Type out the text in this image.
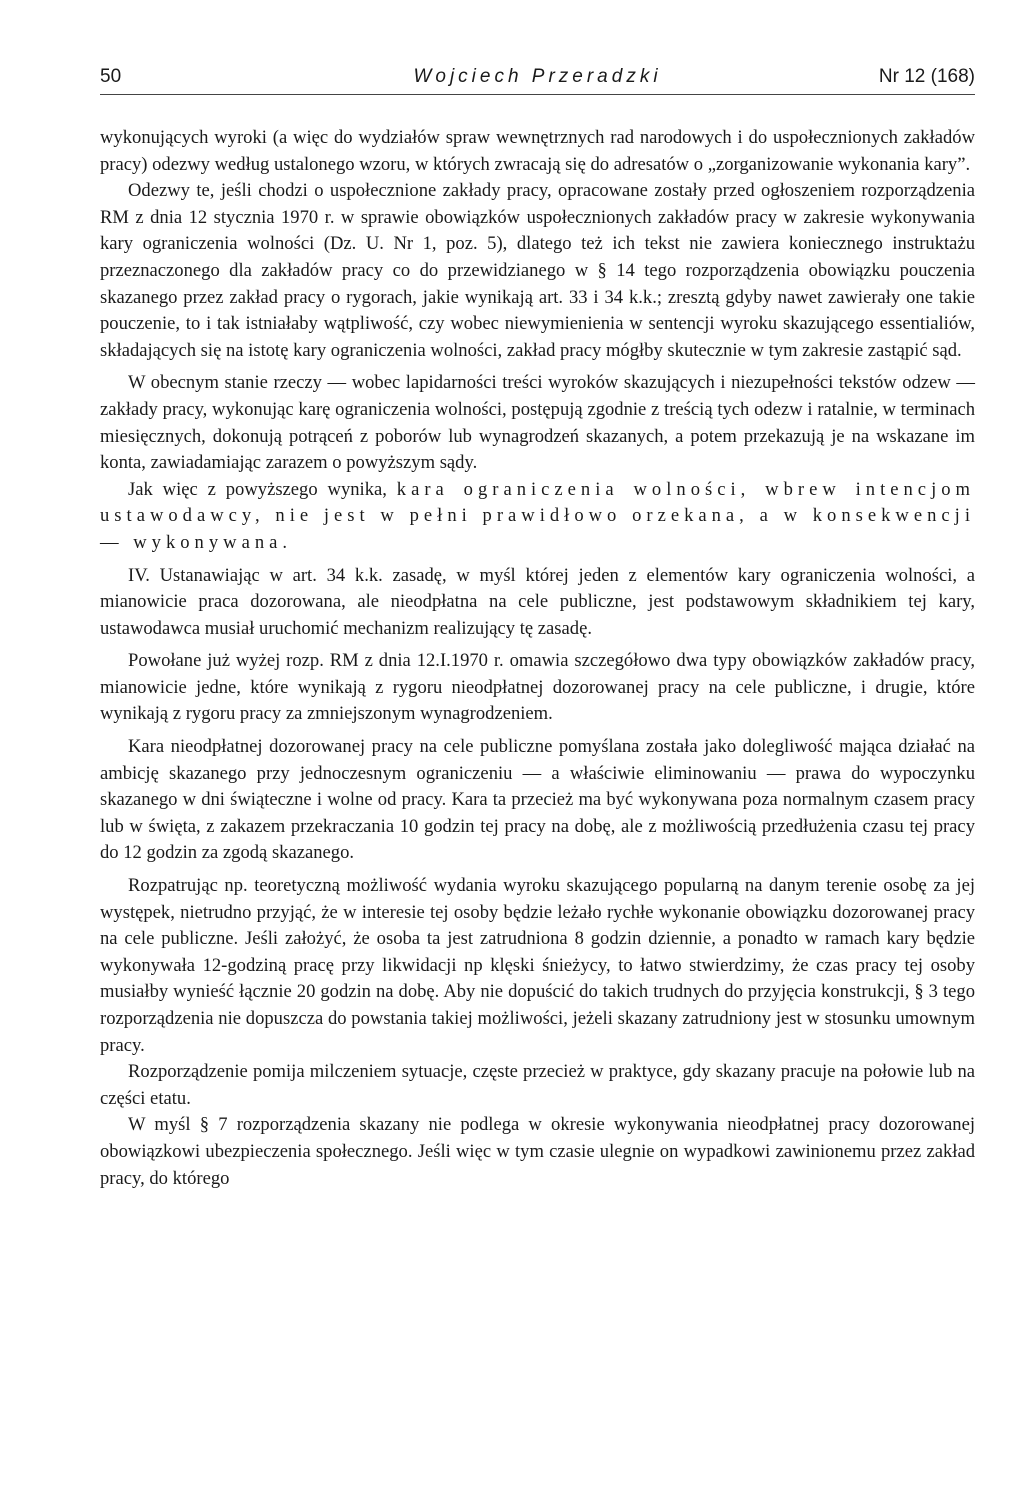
50	Wojciech Przeradzki	Nr 12 (168)

wykonujących wyroki (a więc do wydziałów spraw wewnętrznych rad narodowych i do uspołecznionych zakładów pracy) odezwy według ustalonego wzoru, w których zwracają się do adresatów o „zorganizowanie wykonania kary”.

Odezwy te, jeśli chodzi o uspołecznione zakłady pracy, opracowane zostały przed ogłoszeniem rozporządzenia RM z dnia 12 stycznia 1970 r. w sprawie obowiązków uspołecznionych zakładów pracy w zakresie wykonywania kary ograniczenia wolności (Dz. U. Nr 1, poz. 5), dlatego też ich tekst nie zawiera koniecznego instruktażu przeznaczonego dla zakładów pracy co do przewidzianego w § 14 tego rozporządzenia obowiązku pouczenia skazanego przez zakład pracy o rygorach, jakie wynikają art. 33 i 34 k.k.; zresztą gdyby nawet zawierały one takie pouczenie, to i tak istniałaby wątpliwość, czy wobec niewymienienia w sentencji wyroku skazującego essentialiów, składających się na istotę kary ograniczenia wolności, zakład pracy mógłby skutecznie w tym zakresie zastąpić sąd.

W obecnym stanie rzeczy — wobec lapidarności treści wyroków skazujących i niezupełności tekstów odzew — zakłady pracy, wykonując karę ograniczenia wolności, postępują zgodnie z treścią tych odezw i ratalnie, w terminach miesięcznych, dokonują potrąceń z poborów lub wynagrodzeń skazanych, a potem przekazują je na wskazane im konta, zawiadamiając zarazem o powyższym sądy.

Jak więc z powyższego wynika, kara ograniczenia wolności, wbrew intencjom ustawodawcy, nie jest w pełni prawidłowo orzekana, a w konsekwencji — wykonywana.

IV. Ustanawiając w art. 34 k.k. zasadę, w myśl której jeden z elementów kary ograniczenia wolności, a mianowicie praca dozorowana, ale nieodpłatna na cele publiczne, jest podstawowym składnikiem tej kary, ustawodawca musiał uruchomić mechanizm realizujący tę zasadę.

Powołane już wyżej rozp. RM z dnia 12.I.1970 r. omawia szczegółowo dwa typy obowiązków zakładów pracy, mianowicie jedne, które wynikają z rygoru nieodpłatnej dozorowanej pracy na cele publiczne, i drugie, które wynikają z rygoru pracy za zmniejszonym wynagrodzeniem.

Kara nieodpłatnej dozorowanej pracy na cele publiczne pomyślana została jako dolegliwość mająca działać na ambicję skazanego przy jednoczesnym ograniczeniu — a właściwie eliminowaniu — prawa do wypoczynku skazanego w dni świąteczne i wolne od pracy. Kara ta przecież ma być wykonywana poza normalnym czasem pracy lub w święta, z zakazem przekraczania 10 godzin tej pracy na dobę, ale z możliwością przedłużenia czasu tej pracy do 12 godzin za zgodą skazanego.

Rozpatrując np. teoretyczną możliwość wydania wyroku skazującego popularną na danym terenie osobę za jej występek, nietrudno przyjąć, że w interesie tej osoby będzie leżało rychłe wykonanie obowiązku dozorowanej pracy na cele publiczne. Jeśli założyć, że osoba ta jest zatrudniona 8 godzin dziennie, a ponadto w ramach kary będzie wykonywała 12-godziną pracę przy likwidacji np klęski śnieżycy, to łatwo stwierdzimy, że czas pracy tej osoby musiałby wynieść łącznie 20 godzin na dobę. Aby nie dopuścić do takich trudnych do przyjęcia konstrukcji, § 3 tego rozporządzenia nie dopuszcza do powstania takiej możliwości, jeżeli skazany zatrudniony jest w stosunku umownym pracy.

Rozporządzenie pomija milczeniem sytuacje, częste przecież w praktyce, gdy skazany pracuje na połowie lub na części etatu.

W myśl § 7 rozporządzenia skazany nie podlega w okresie wykonywania nieodpłatnej pracy dozorowanej obowiązkowi ubezpieczenia społecznego. Jeśli więc w tym czasie ulegnie on wypadkowi zawinionemu przez zakład pracy, do którego
